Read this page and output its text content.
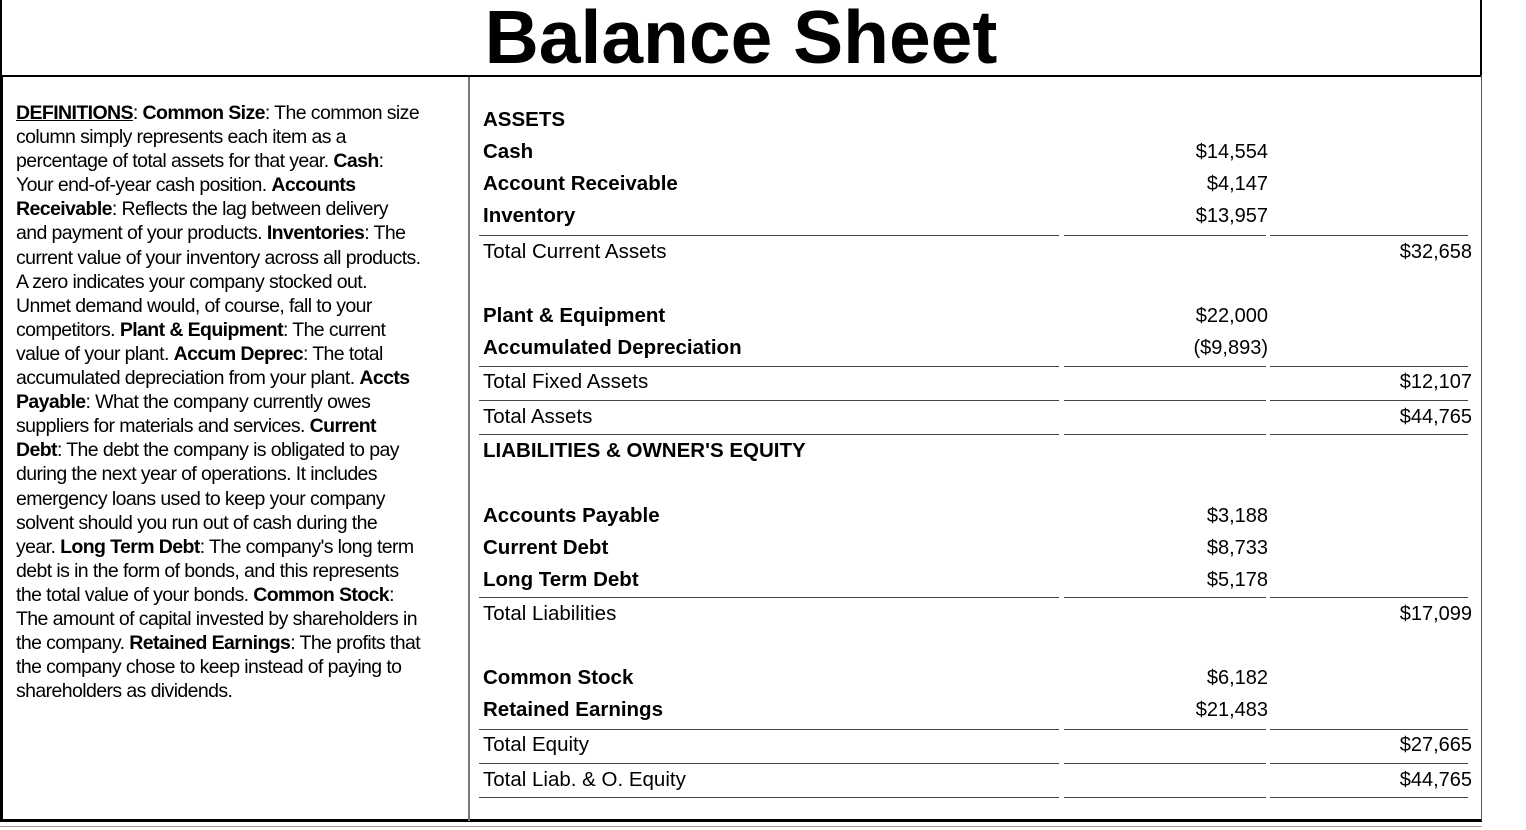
Balance Sheet
DEFINITIONS: Common Size: The common size column simply represents each item as a percentage of total assets for that year. Cash: Your end-of-year cash position. Accounts Receivable: Reflects the lag between delivery and payment of your products. Inventories: The current value of your inventory across all products. A zero indicates your company stocked out. Unmet demand would, of course, fall to your competitors. Plant & Equipment: The current value of your plant. Accum Deprec: The total accumulated depreciation from your plant. Accts Payable: What the company currently owes suppliers for materials and services. Current Debt: The debt the company is obligated to pay during the next year of operations. It includes emergency loans used to keep your company solvent should you run out of cash during the year. Long Term Debt: The company's long term debt is in the form of bonds, and this represents the total value of your bonds. Common Stock: The amount of capital invested by shareholders in the company. Retained Earnings: The profits that the company chose to keep instead of paying to shareholders as dividends.
ASSETS
Cash	$14,554
Account Receivable	$4,147
Inventory	$13,957
Total Current Assets	$32,658
Plant & Equipment	$22,000
Accumulated Depreciation	($9,893)
Total Fixed Assets	$12,107
Total Assets	$44,765
LIABILITIES & OWNER'S EQUITY
Accounts Payable	$3,188
Current Debt	$8,733
Long Term Debt	$5,178
Total Liabilities	$17,099
Common Stock	$6,182
Retained Earnings	$21,483
Total Equity	$27,665
Total Liab. & O. Equity	$44,765
